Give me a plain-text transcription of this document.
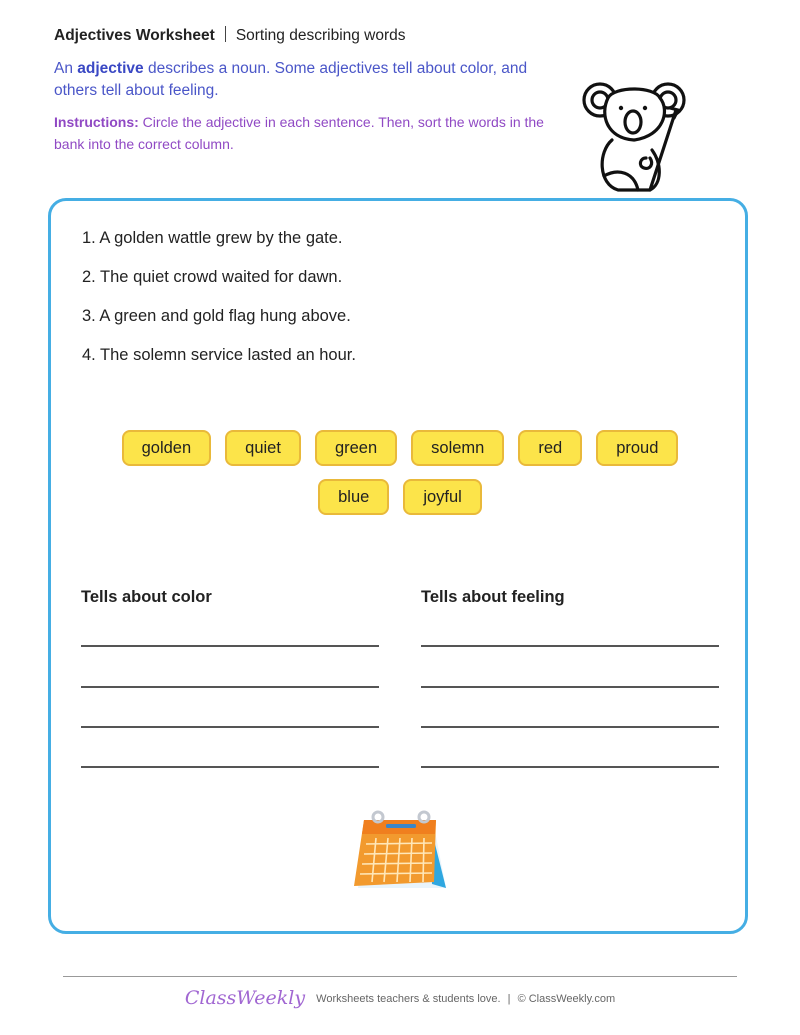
Adjectives Worksheet Sorting describing words
An adjective describes a noun. Some adjectives tell about color, and others tell about feeling.
Instructions: Circle the adjective in each sentence. Then, sort the words in the bank into the correct column.
1. A golden wattle grew by the gate.
2. The quiet crowd waited for dawn.
3. A green and gold flag hung above.
4. The solemn service lasted an hour.
golden	quiet	green	solemn	red	proud
blue	joyful
Tells about color	Tells about feeling
ClassWeekly Worksheets teachers & students love. | © ClassWeekly.com
